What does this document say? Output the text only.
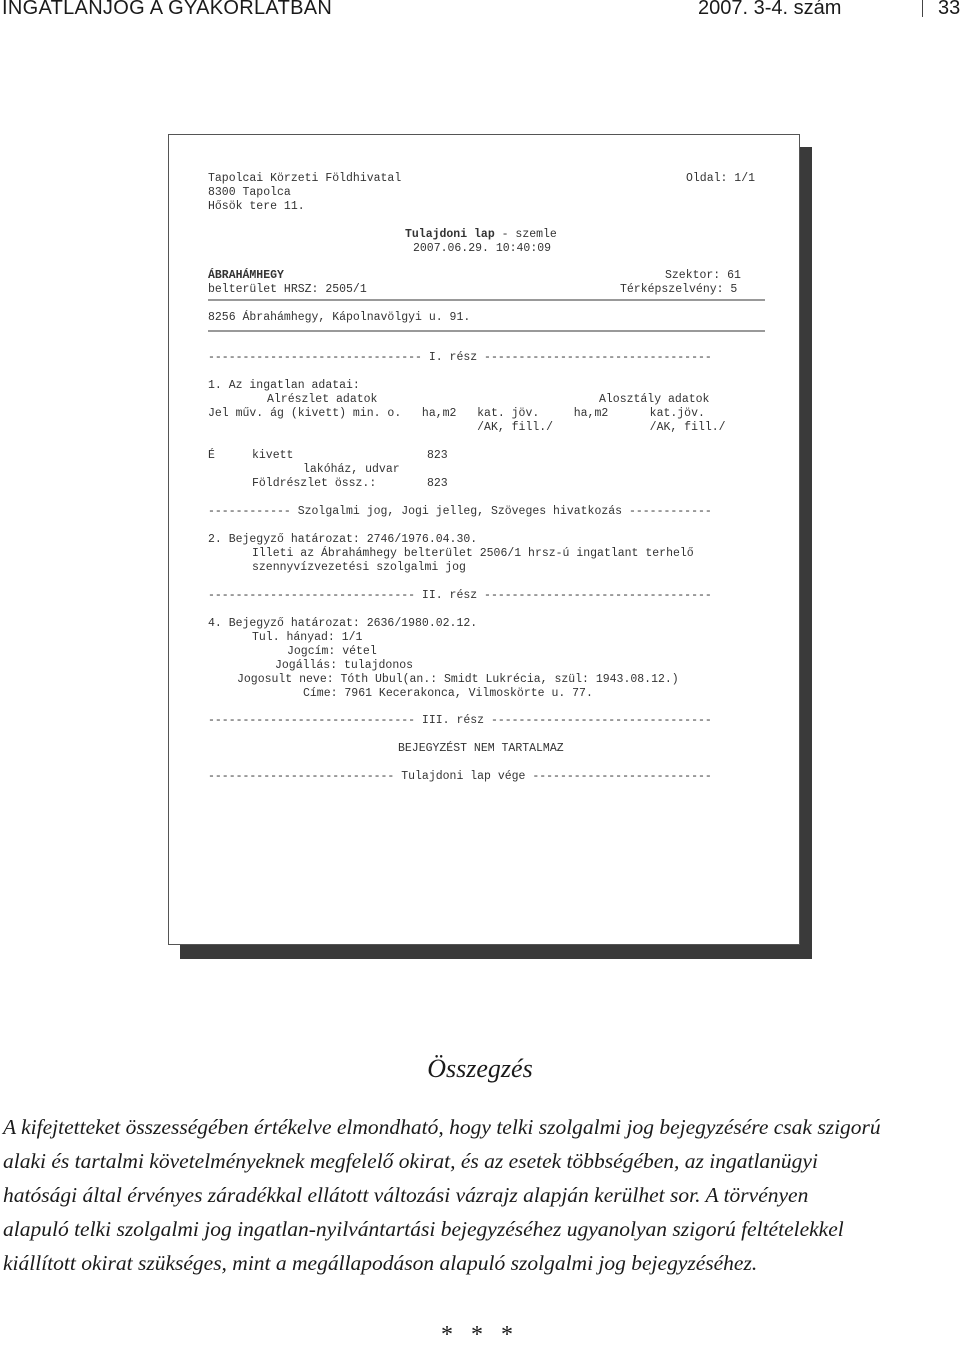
INGATLANJOG A GYAKORLATBAN	2007. 3-4. szám	33
Tapolcai Körzeti Földhivatal	Oldal: 1/1
8300 Tapolca
Hősök tere 11.
Tulajdoni lap - szemle
2007.06.29. 10:40:09
ÁBRAHÁMHEGY	Szektor: 61
belterület HRSZ: 2505/1	Térképszelvény: 5
8256 Ábrahámhegy, Kápolnavölgyi u. 91.
------------------------------- I. rész ---------------------------------
1. Az ingatlan adatai:
Alrészlet adatok	Alosztály adatok
Jel műv. ág (kivett) min. o.   ha,m2   kat. jöv.     ha,m2      kat.jöv.
/AK, fill./              /AK, fill./
É	kivett	823
lakóház, udvar
Földrészlet össz.:	823
------------ Szolgalmi jog, Jogi jelleg, Szöveges hivatkozás ------------
2. Bejegyző határozat: 2746/1976.04.30.
Illeti az Ábrahámhegy belterület 2506/1 hrsz-ú ingatlant terhelő
szennyvízvezetési szolgalmi jog
------------------------------ II. rész ---------------------------------
4. Bejegyző határozat: 2636/1980.02.12.
Tul. hányad: 1/1
Jogcím: vétel
Jogállás: tulajdonos
Jogosult neve: Tóth Ubul(an.: Smidt Lukrécia, szül: 1943.08.12.)
Címe: 7961 Kecerakonca, Vilmoskörte u. 77.
------------------------------ III. rész --------------------------------
BEJEGYZÉST NEM TARTALMAZ
--------------------------- Tulajdoni lap vége --------------------------
Összegzés
A kifejtetteket összességében értékelve elmondható, hogy telki szolgalmi jog bejegyzésére csak szigorú
alaki és tartalmi követelményeknek megfelelő okirat, és az esetek többségében, az ingatlanügyi
hatósági által érvényes záradékkal ellátott változási vázrajz alapján kerülhet sor. A törvényen
alapuló telki szolgalmi jog ingatlan-nyilvántartási bejegyzéséhez ugyanolyan szigorú feltételekkel
kiállított okirat szükséges, mint a megállapodáson alapuló szolgalmi jog bejegyzéséhez.
* * *
